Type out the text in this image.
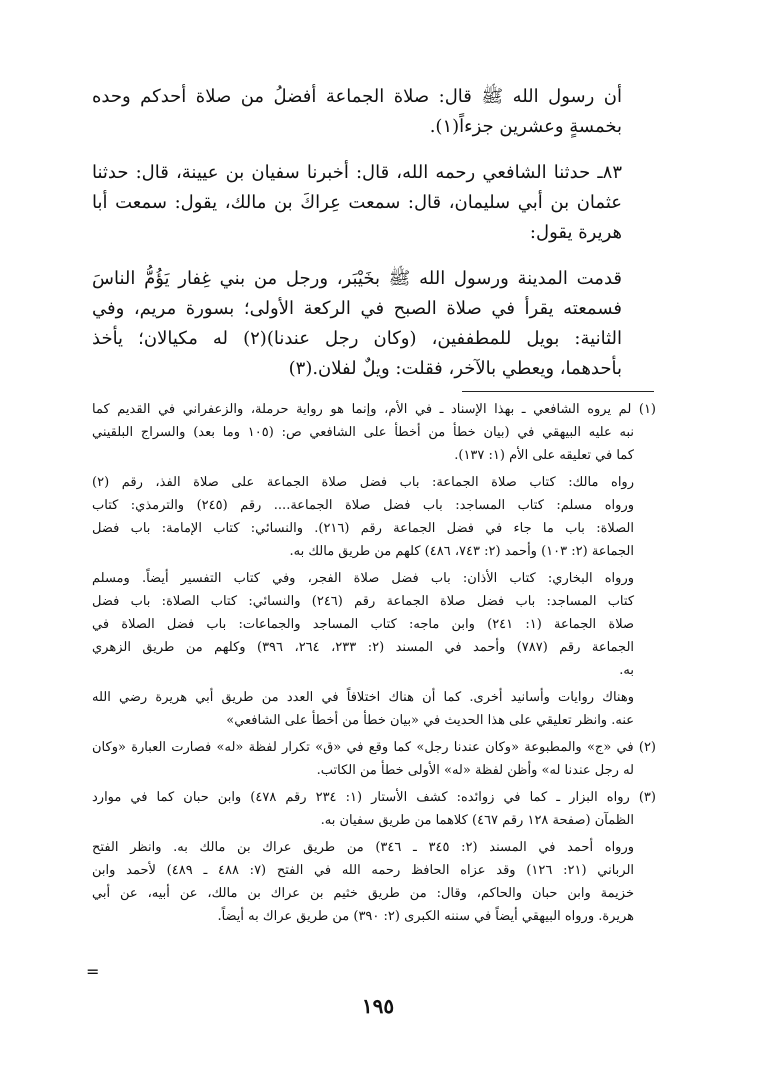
أن رسول الله ﷺ قال: صلاة الجماعة أفضلُ من صلاة أحدكم وحده
بخمسةٍ وعشرين جزءاً(١).
٨٣ـ حدثنا الشافعي رحمه الله، قال: أخبرنا سفيان بن عيينة، قال: حدثنا
عثمان بن أبي سليمان، قال: سمعت عِراكَ بن مالك، يقول: سمعت أبا
هريرة يقول:
قدمت المدينة ورسول الله ﷺ بخَيْبَر، ورجل من بني غِفار يَؤُمُّ الناسَ
فسمعته يقرأ في صلاة الصبح في الركعة الأولى؛ بسورة مريم، وفي
الثانية: بويل للمطففين، (وكان رجل عندنا)(٢) له مكيالان؛ يأخذ
بأحدهما، ويعطي بالآخر، فقلت: ويلٌ لفلان.(٣)
(١) لم يروه الشافعي ـ بهذا الإسناد ـ في الأم، وإنما هو رواية حرملة، والزعفراني في القديم كما
نبه عليه البيهقي في (بيان خطأ من أخطأ على الشافعي ص: (١٠٥ وما بعد) والسراج البلقيني
كما في تعليقه على الأم (١: ١٣٧).
رواه مالك: كتاب صلاة الجماعة: باب فضل صلاة الجماعة على صلاة الفذ، رقم (٢)
ورواه مسلم: كتاب المساجد: باب فضل صلاة الجماعة.... رقم (٢٤٥) والترمذي: كتاب
الصلاة: باب ما جاء في فضل الجماعة رقم (٢١٦). والنسائي: كتاب الإمامة: باب فضل
الجماعة (٢: ١٠٣) وأحمد (٢: ٧٤٣، ٤٨٦) كلهم من طريق مالك به.
ورواه البخاري: كتاب الأذان: باب فضل صلاة الفجر، وفي كتاب التفسير أيضاً. ومسلم
كتاب المساجد: باب فضل صلاة الجماعة رقم (٢٤٦) والنسائي: كتاب الصلاة: باب فضل
صلاة الجماعة (١: ٢٤١) وابن ماجه: كتاب المساجد والجماعات: باب فضل الصلاة في
الجماعة رقم (٧٨٧) وأحمد في المسند (٢: ٢٣٣، ٢٦٤، ٣٩٦) وكلهم من طريق الزهري
به.
وهناك روايات وأسانيد أخرى. كما أن هناك اختلافاً في العدد من طريق أبي هريرة رضي الله
عنه. وانظر تعليقي على هذا الحديث في «بيان خطأ من أخطأ على الشافعي»
(٢) في «ج» والمطبوعة «وكان عندنا رجل» كما وقع في «ق» تكرار لفظة «له» فصارت العبارة «وكان
له رجل عندنا له» وأظن لفظة «له» الأولى خطأ من الكاتب.
(٣) رواه البزار ـ كما في زوائده: كشف الأستار (١: ٢٣٤ رقم ٤٧٨) وابن حبان كما في موارد
الظمآن (صفحة ١٢٨ رقم ٤٦٧) كلاهما من طريق سفيان به.
ورواه أحمد في المسند (٢: ٣٤٥ ـ ٣٤٦) من طريق عراك بن مالك به. وانظر الفتح
الرباني (٢١: ١٢٦) وقد عزاه الحافظ رحمه الله في الفتح (٧: ٤٨٨ ـ ٤٨٩) لأحمد وابن
خزيمة وابن حبان والحاكم، وقال: من طريق خثيم بن عراك بن مالك، عن أبيه، عن أبي
هريرة. ورواه البيهقي أيضاً في سننه الكبرى (٢: ٣٩٠) من طريق عراك به أيضاً.
=
١٩٥
